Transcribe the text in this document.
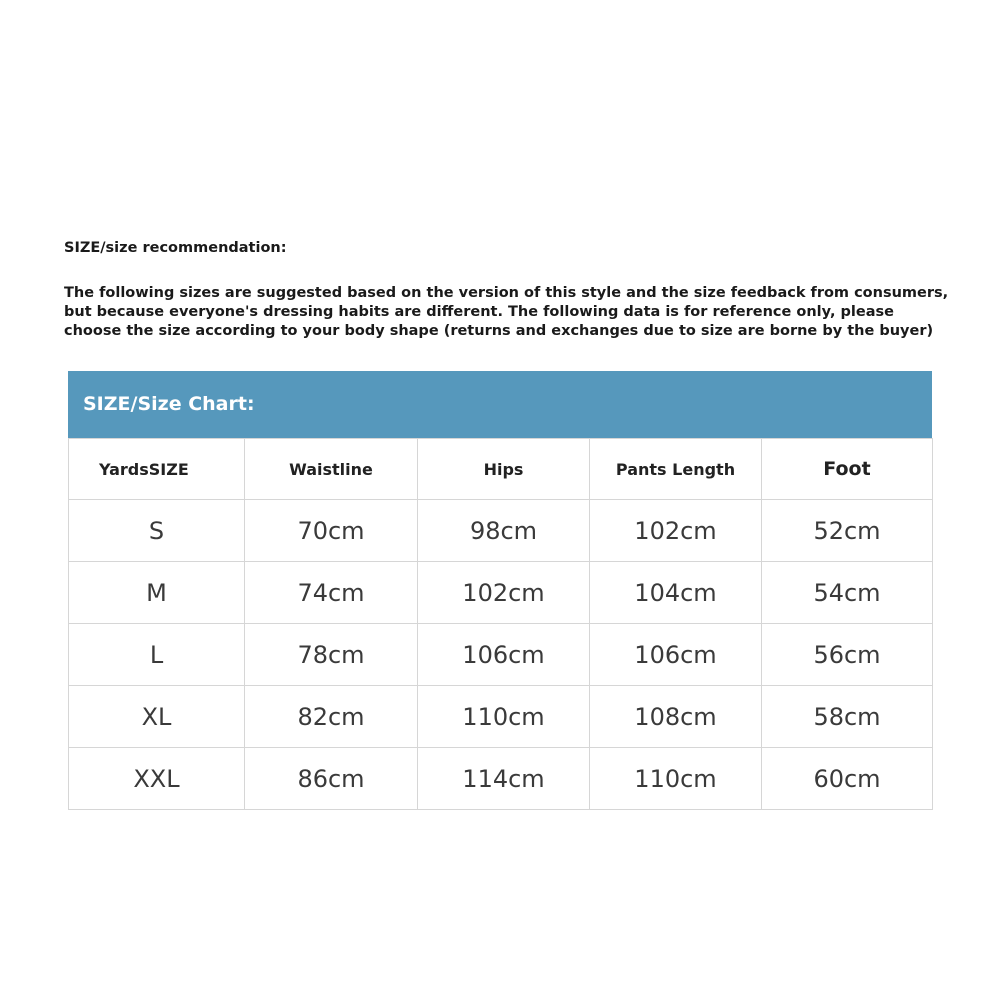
SIZE/size recommendation:
The following sizes are suggested based on the version of this style and the size feedback from consumers,
but because everyone's dressing habits are different. The following data is for reference only, please
choose the size according to your body shape (returns and exchanges due to size are borne by the buyer)
SIZE/Size Chart:
YardsSIZE	Waistline	Hips	Pants Length	Foot
S	70cm	98cm	102cm	52cm
M	74cm	102cm	104cm	54cm
L	78cm	106cm	106cm	56cm
XL	82cm	110cm	108cm	58cm
XXL	86cm	114cm	110cm	60cm
